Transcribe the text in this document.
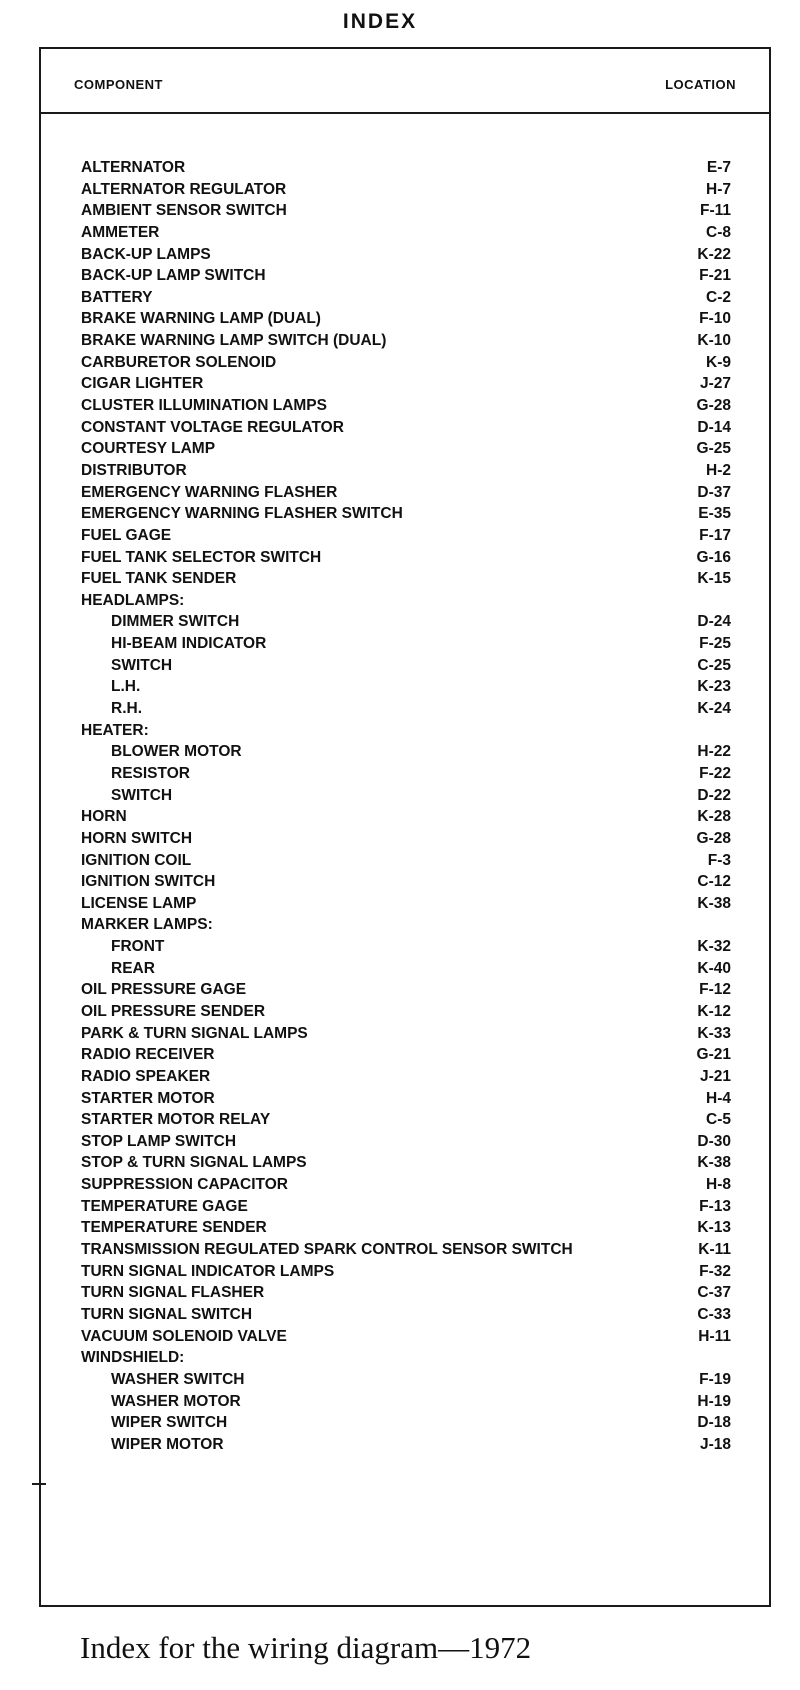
INDEX
COMPONENT	LOCATION
ALTERNATOR	E-7
ALTERNATOR REGULATOR	H-7
AMBIENT SENSOR SWITCH	F-11
AMMETER	C-8
BACK-UP LAMPS	K-22
BACK-UP LAMP SWITCH	F-21
BATTERY	C-2
BRAKE WARNING LAMP (DUAL)	F-10
BRAKE WARNING LAMP SWITCH (DUAL)	K-10
CARBURETOR SOLENOID	K-9
CIGAR LIGHTER	J-27
CLUSTER ILLUMINATION LAMPS	G-28
CONSTANT VOLTAGE REGULATOR	D-14
COURTESY LAMP	G-25
DISTRIBUTOR	H-2
EMERGENCY WARNING FLASHER	D-37
EMERGENCY WARNING FLASHER SWITCH	E-35
FUEL GAGE	F-17
FUEL TANK SELECTOR SWITCH	G-16
FUEL TANK SENDER	K-15
HEADLAMPS:
DIMMER SWITCH	D-24
HI-BEAM INDICATOR	F-25
SWITCH	C-25
L.H.	K-23
R.H.	K-24
HEATER:
BLOWER MOTOR	H-22
RESISTOR	F-22
SWITCH	D-22
HORN	K-28
HORN SWITCH	G-28
IGNITION COIL	F-3
IGNITION SWITCH	C-12
LICENSE LAMP	K-38
MARKER LAMPS:
FRONT	K-32
REAR	K-40
OIL PRESSURE GAGE	F-12
OIL PRESSURE SENDER	K-12
PARK & TURN SIGNAL LAMPS	K-33
RADIO RECEIVER	G-21
RADIO SPEAKER	J-21
STARTER MOTOR	H-4
STARTER MOTOR RELAY	C-5
STOP LAMP SWITCH	D-30
STOP & TURN SIGNAL LAMPS	K-38
SUPPRESSION CAPACITOR	H-8
TEMPERATURE GAGE	F-13
TEMPERATURE SENDER	K-13
TRANSMISSION REGULATED SPARK CONTROL SENSOR SWITCH	K-11
TURN SIGNAL INDICATOR LAMPS	F-32
TURN SIGNAL FLASHER	C-37
TURN SIGNAL SWITCH	C-33
VACUUM SOLENOID VALVE	H-11
WINDSHIELD:
WASHER SWITCH	F-19
WASHER MOTOR	H-19
WIPER SWITCH	D-18
WIPER MOTOR	J-18
Index for the wiring diagram—1972
